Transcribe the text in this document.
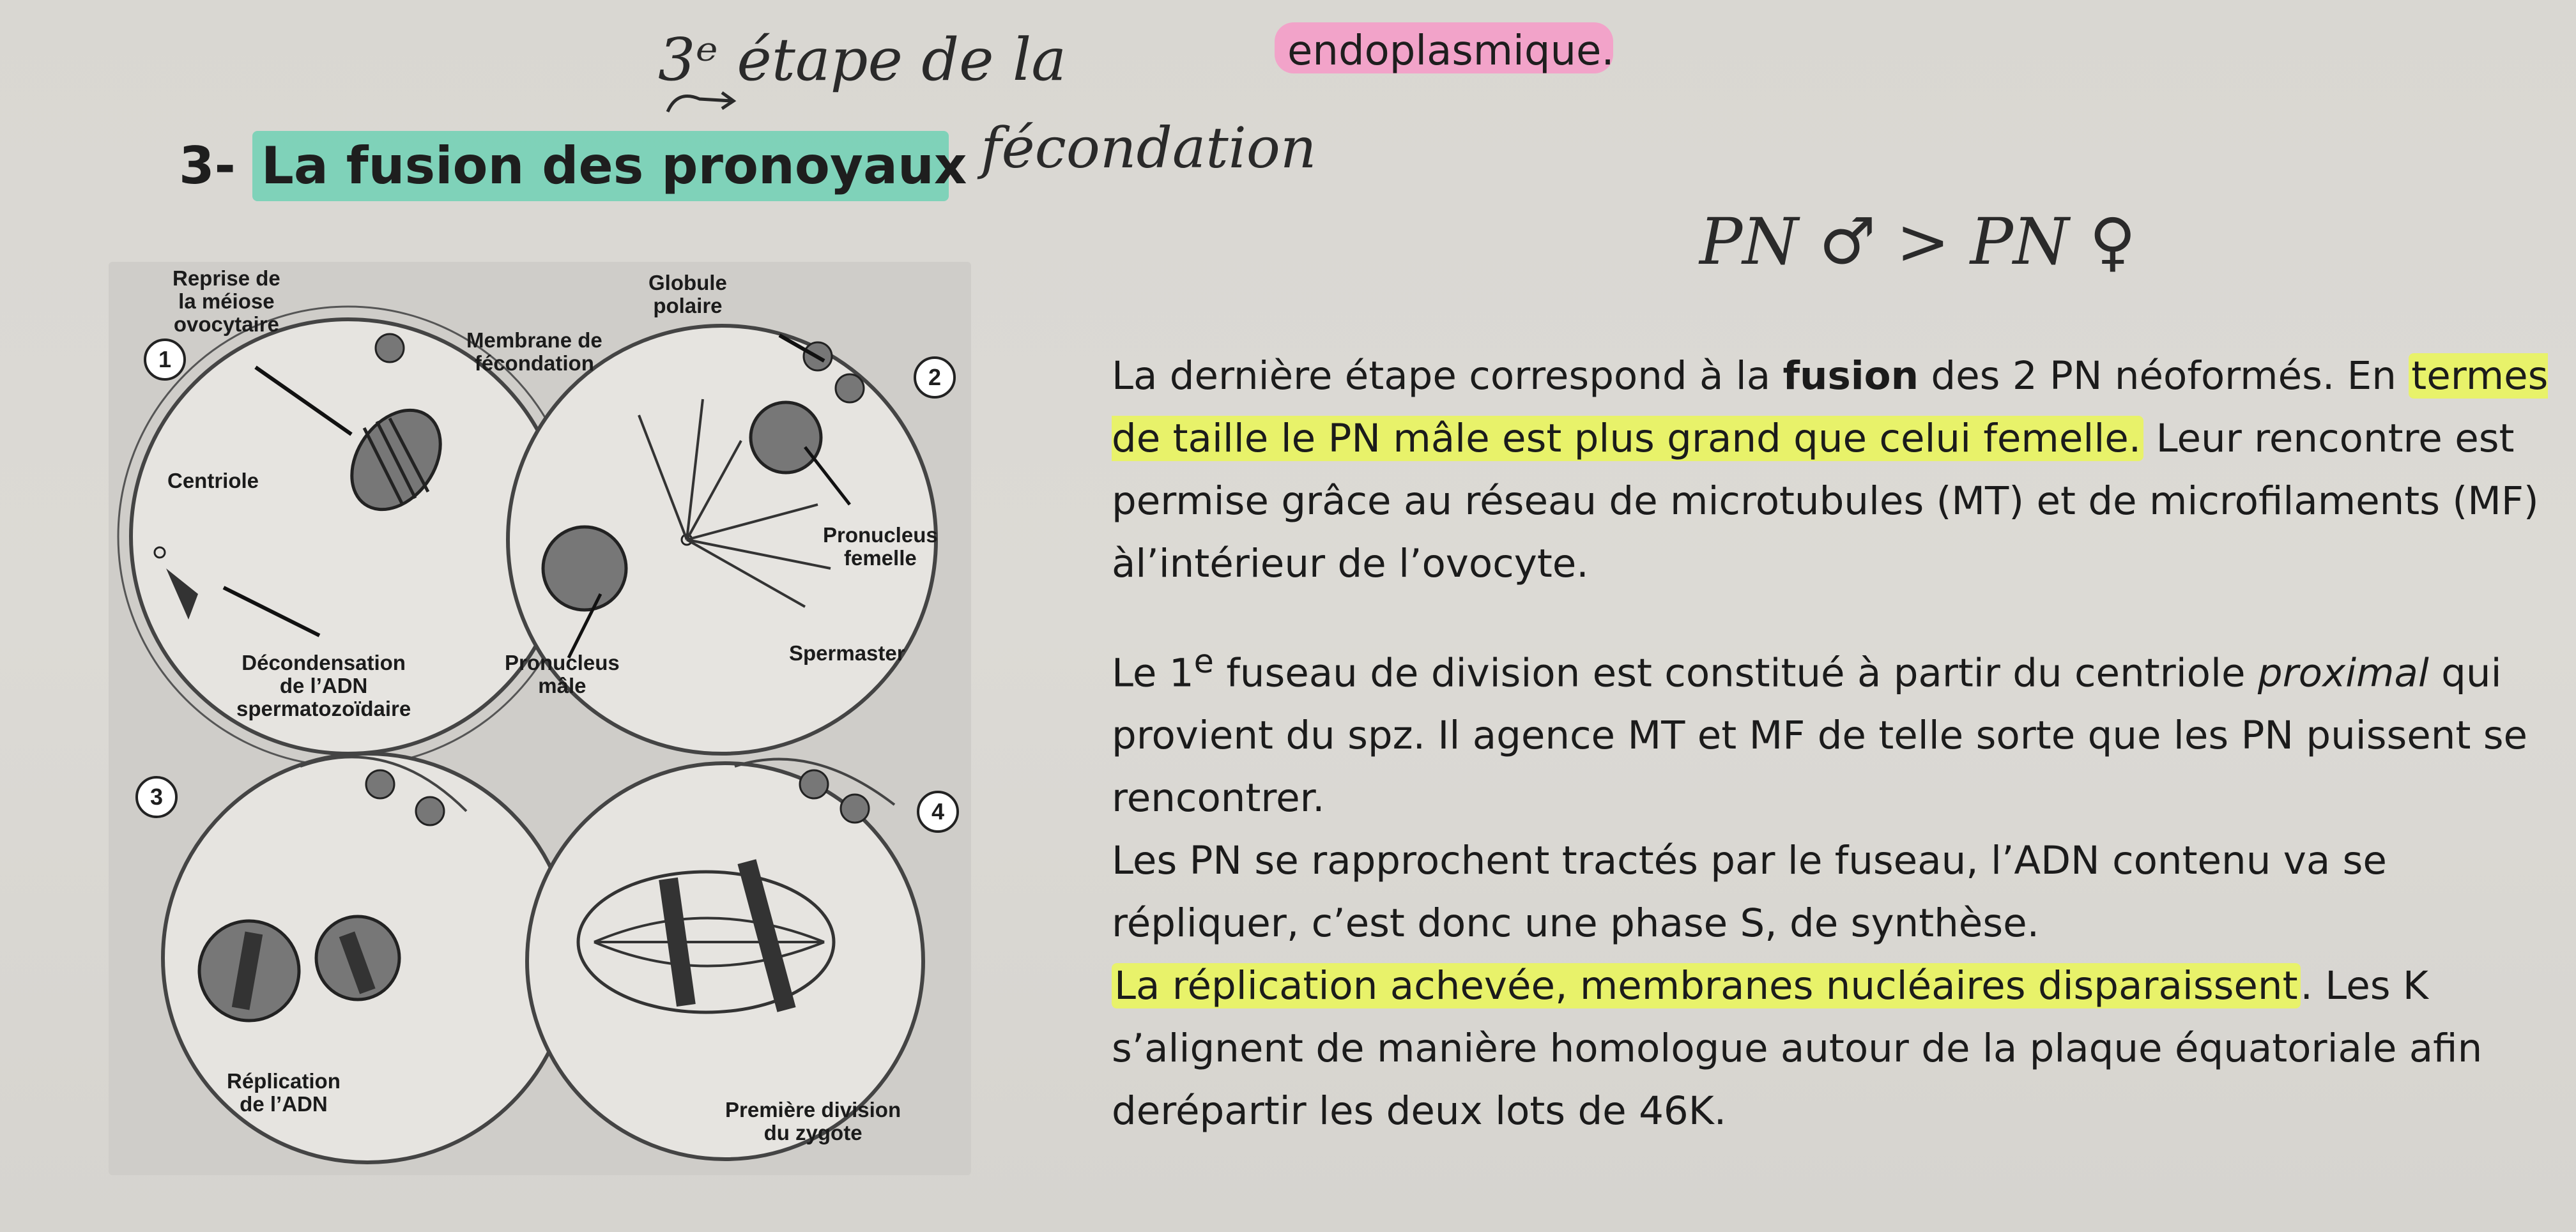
endoplasmique.
3ᵉ étape de la
fécondation
PN ♂ > PN ♀
3- La fusion des pronoyaux
1
2
3
4
Reprise de
la méiose
ovocytaire
Membrane de
fécondation
Globule
polaire
Centriole
Pronucleus
femelle
Décondensation
de l’ADN
spermatozoïdaire
Pronucleus
mâle
Spermaster
Réplication
de l’ADN	Première division
du zygote

La dernière étape correspond à la fusion des 2 PN néoformés. En termes de taille le PN mâle est plus grand que celui femelle. Leur rencontre est permise grâce au réseau de microtubules (MT) et de microfilaments (MF) àl’intérieur de l’ovocyte.

Le 1e fuseau de division est constitué à partir du centriole proximal qui provient du spz. Il agence MT et MF de telle sorte que les PN puissent se rencontrer.

Les PN se rapprochent tractés par le fuseau, l’ADN contenu va se répliquer, c’est donc une phase S, de synthèse.

La réplication achevée, membranes nucléaires disparaissent. Les K s’alignent de manière homologue autour de la plaque équatoriale afin derépartir les deux lots de 46K.
